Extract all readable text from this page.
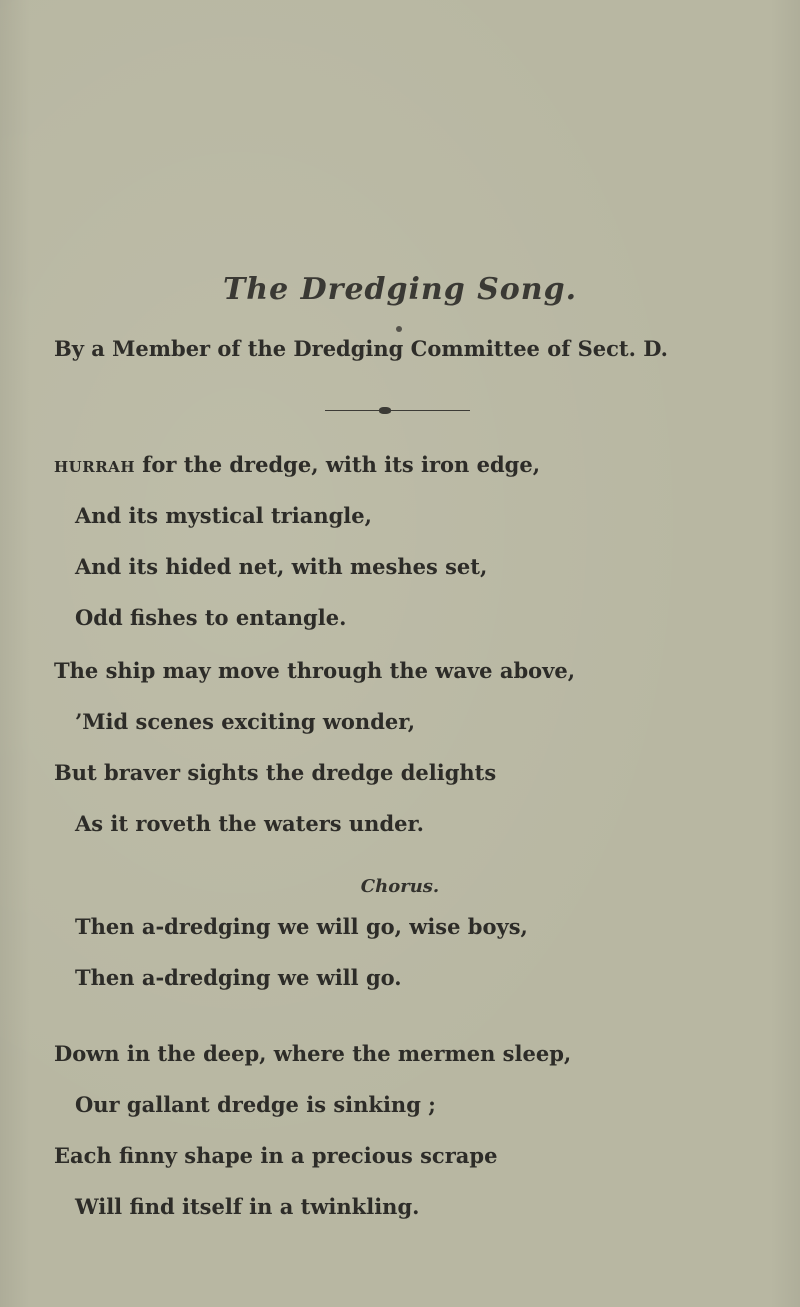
The Dredging Song.
By a Member of the Dredging Committee of Sect. D.
HURRAH for the dredge, with its iron edge,
And its mystical triangle,
And its hided net, with meshes set,
Odd fishes to entangle.
The ship may move through the wave above,
’Mid scenes exciting wonder,
But braver sights the dredge delights
As it roveth the waters under.
Chorus.
Then a-dredging we will go, wise boys,
Then a-dredging we will go.
Down in the deep, where the mermen sleep,
Our gallant dredge is sinking ;
Each finny shape in a precious scrape
Will find itself in a twinkling.
